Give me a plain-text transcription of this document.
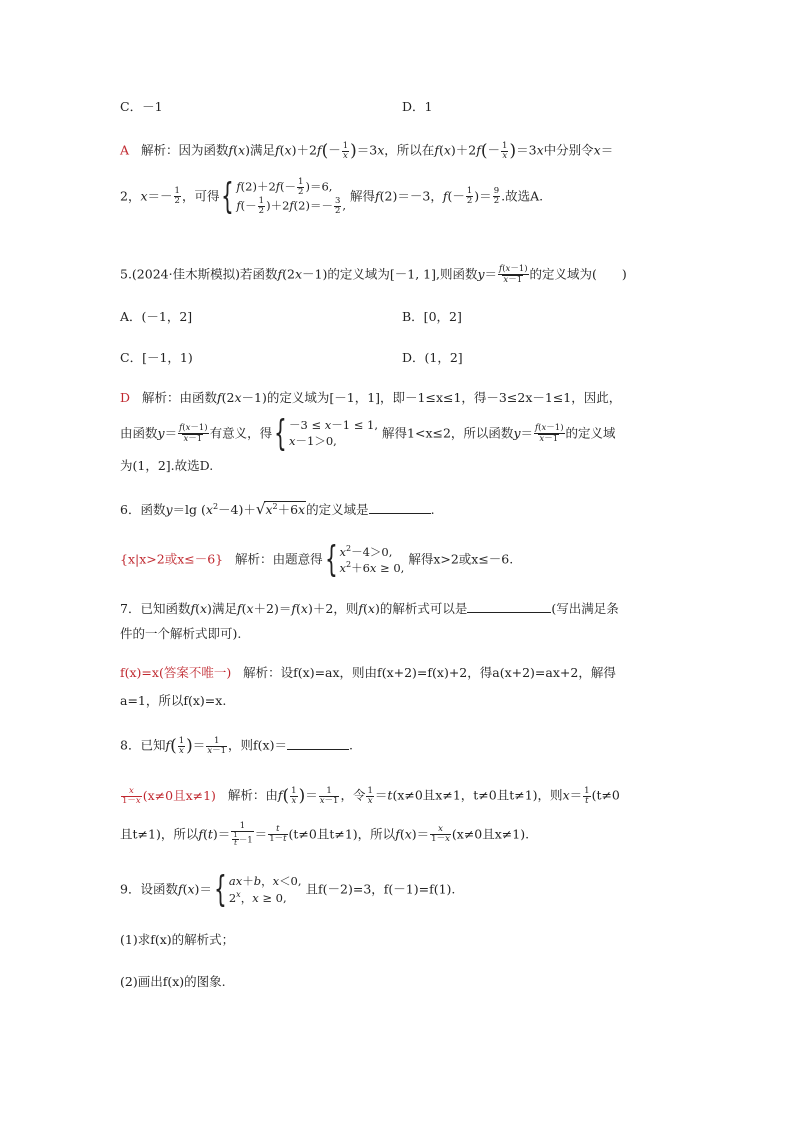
C．－1	D．1
A 解析：因为函数f(x)满足$f(x)+2f(- \frac{1}{x} )=3x$，所以在$f(x)+2f(- \frac{1}{x} )=3x$中分别令x＝
2，$x=- \frac{1}{2}$ ，可得 { $f(2)+2f(- \frac{1}{2} )=6$,
$f(- \frac{1}{2} )+2f(2)=- \frac{3}{2}$ ,
解得f(2)＝－3，$f(- \frac{1}{2}$ )＝ $\frac{9}{2}$ .故选A.
5.(2024·佳木斯模拟)若函数f(2x－1)的定义域为[－1, 1],则函数$y= \frac{f(x-1)}{x-1}$ 的定义域为(　　)
A．(－1，2]	B．[0，2]
C．[－1，1)	D．(1，2]
D 解析：由函数f(2x－1)的定义域为[－1，1]，即－1≤x≤1，得－3≤2x－1≤1，因此，
由函数$y= \frac{f(x-1)}{x-1}$ 有意义，得 { －3 ≤ x－1 ≤ 1,
x－1＞0,
解得1<x≤2，所以函数$y= \frac{f(x-1)}{x-1}$ 的定义域
为(1，2].故选D.
6．函数y＝lg $(x^2-4)+√x^2+6x$的定义域是	.
{x|x>2或x≤－6} 解析：由题意得 { $x^2-4>0$,
$x^2+6x \ge 0$,
解得x>2或x≤－6.
7．已知函数f(x)满足f(x＋2)＝f(x)＋2，则f(x)的解析式可以是	(写出满足条
件的一个解析式即可).
f(x)=x(答案不唯一) 解析：设f(x)=ax，则由f(x+2)=f(x)+2，得a(x+2)=ax+2，解得
a=1，所以f(x)=x.
8．已知$f( \frac{1}{x}$ )＝ $\frac{1}{x-1}$ ，则f(x)＝	.
$\frac{x}{1-x} (x\ne 0$且x≠1) 解析：由$f( \frac{1}{x}$ )＝ $\frac{1}{x-1}$ ，令 $\frac{1}{x} =t(x\ne 0$且x≠1，t≠0且t≠1)，则$x= \frac{1}{t} (t\ne 0$
且t≠1)，所以$f(t)= \frac{1}{\frac{1}{t} -1} = \frac{t}{1-t} (t\ne 0$且t≠1)，所以$f(x)= \frac{x}{1-x} (x\ne 0$且x≠1).
9．设函数f(x)＝ { ax＋b，x＜0,
2$^x$，x ≥ 0,
且f(－2)=3，f(－1)=f(1).
(1)求f(x)的解析式；
(2)画出f(x)的图象.
